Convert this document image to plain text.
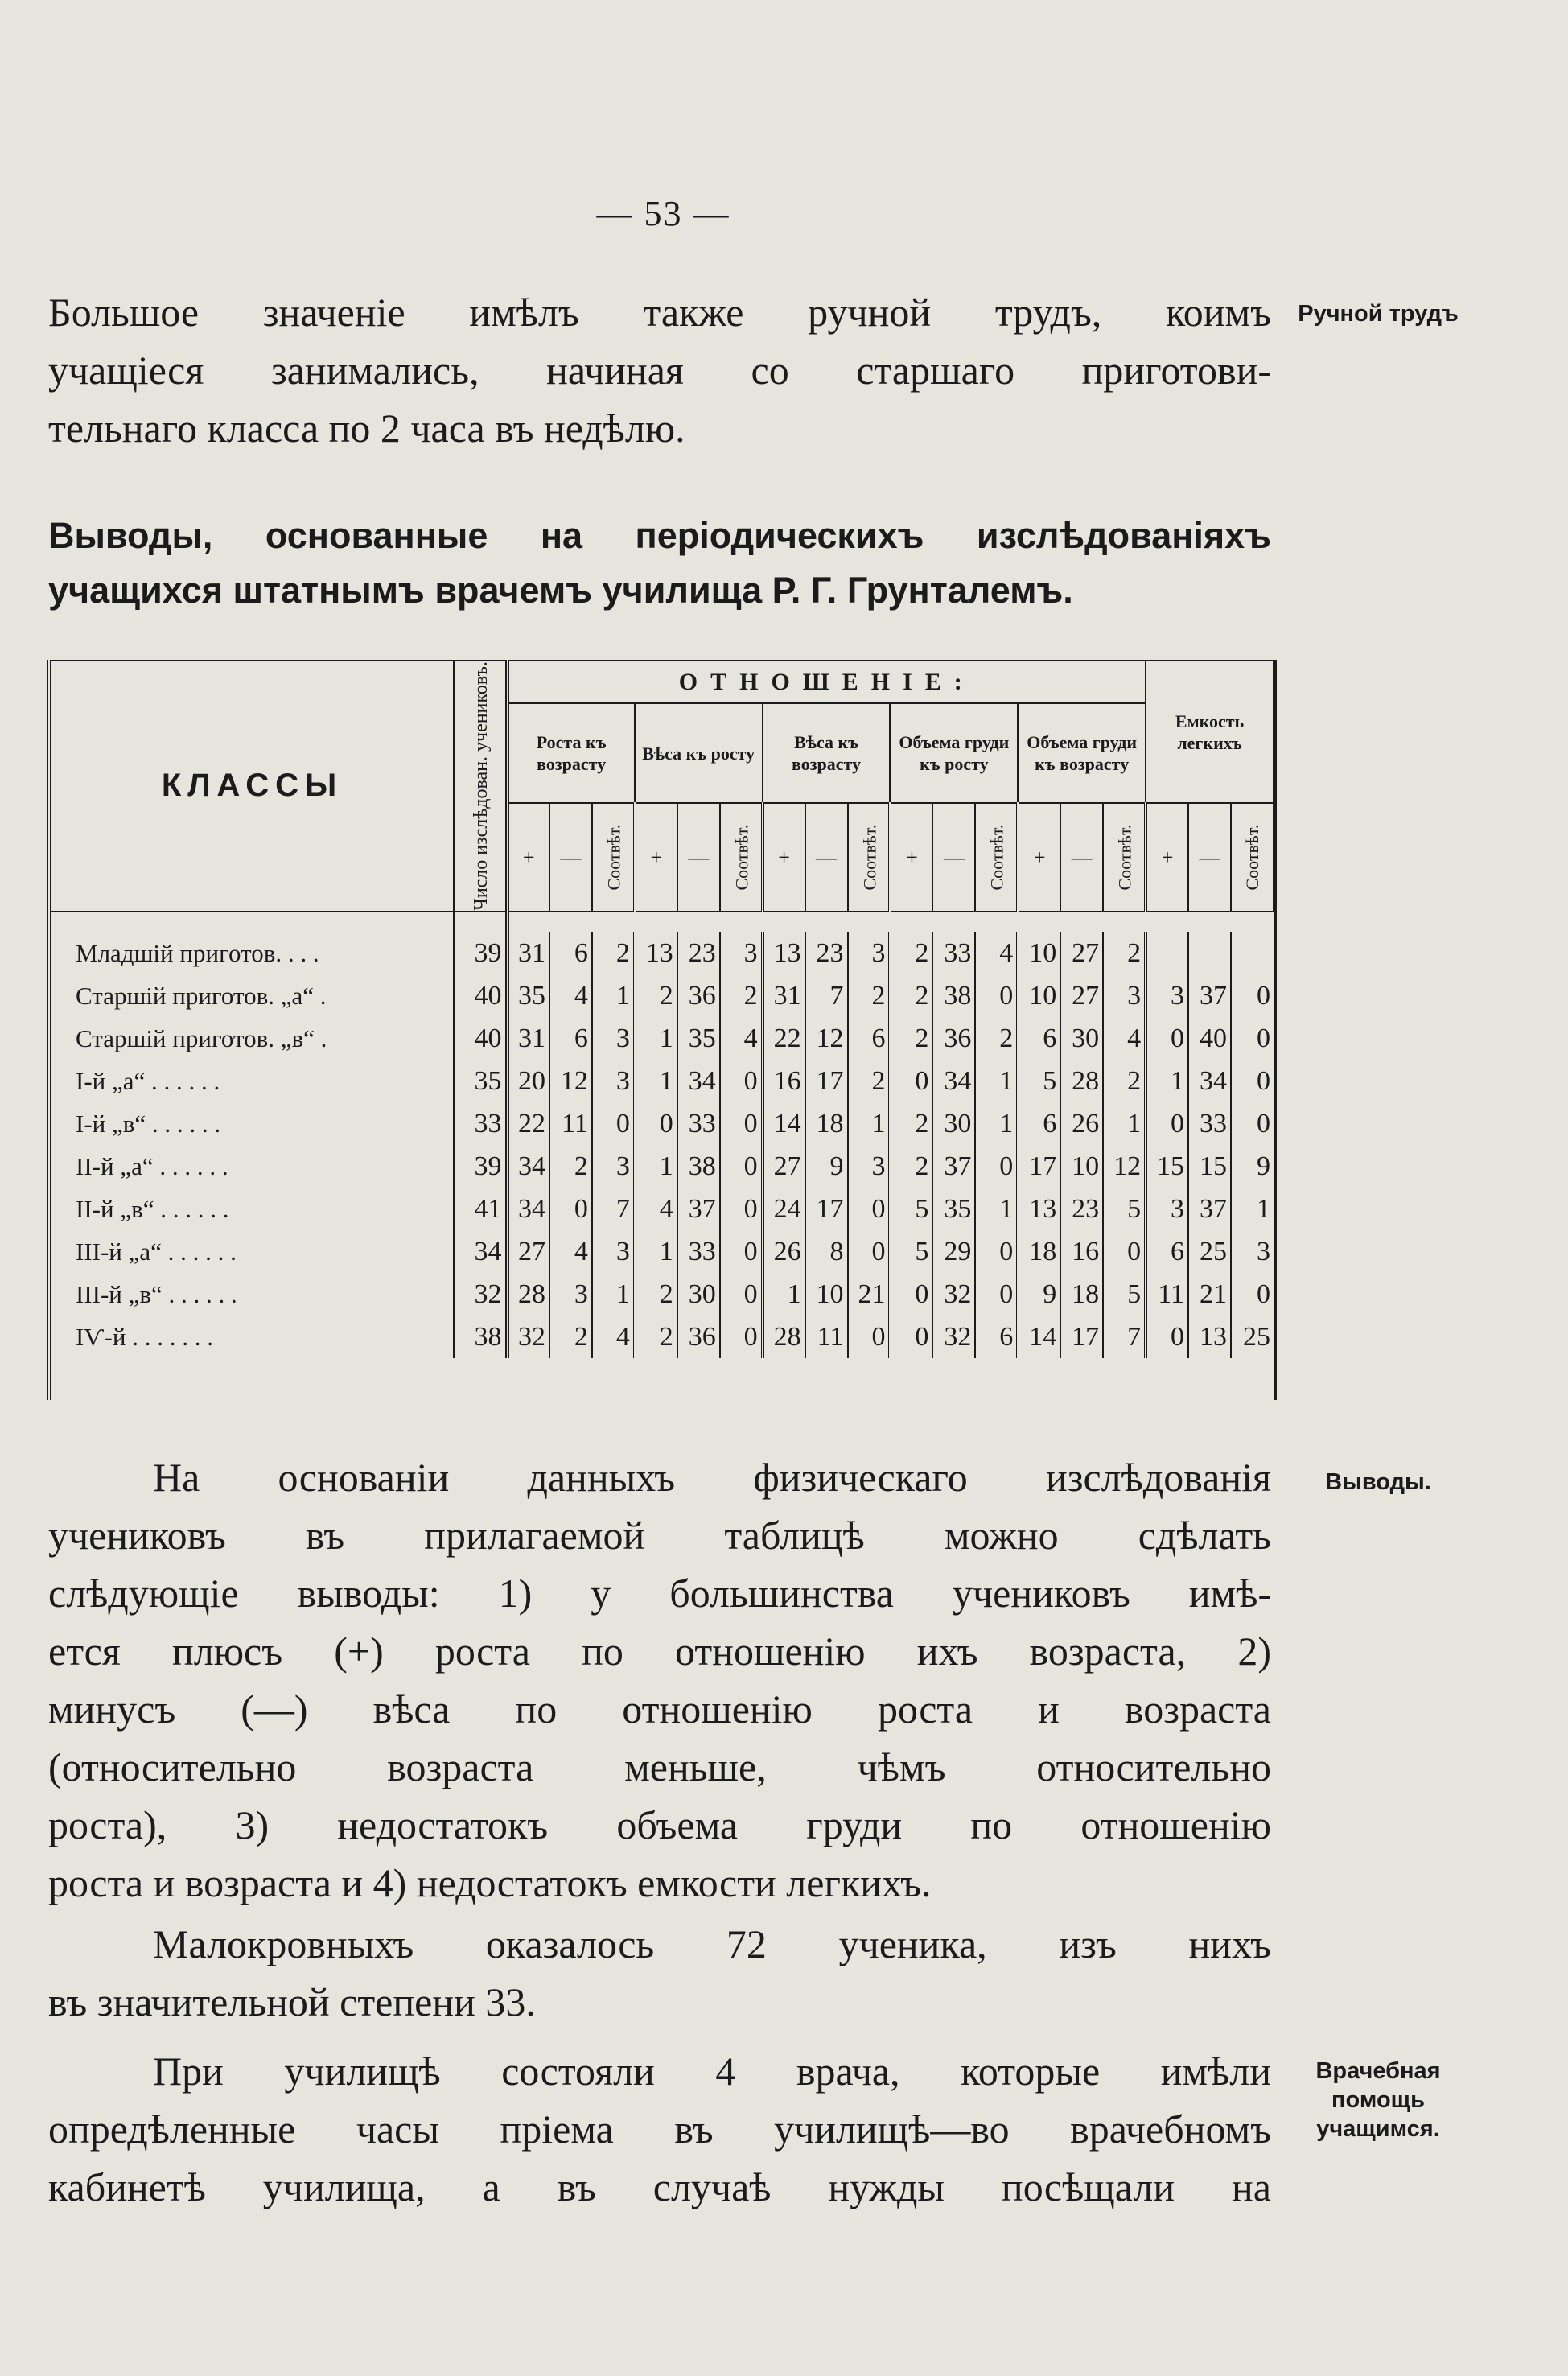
— 53 —
Большое значеніе имѣлъ также ручной трудъ, коимъ
учащіеся занимались, начиная со старшаго приготови-
тельнаго класса по 2 часа въ недѣлю.
Ручной трудъ
Выводы, основанные на періодическихъ изслѣдованіяхъ
учащихся штатнымъ врачемъ училища Р. Г. Грунталемъ.
КЛАССЫ	Число изслѣдован. учениковъ.	ОТНОШЕНІЕ:															Емкость легкихъ		
		Роста къ возрасту			Вѣса къ росту			Вѣса къ возрасту			Объема груди къ росту			Объема груди къ возрасту					
		+	—	Соотвѣт.	+	—	Соотвѣт.	+	—	Соотвѣт.	+	—	Соотвѣт.	+	—	Соотвѣт.	+	—	Соотвѣт.

Младшій приготов. . . .	39	31	6	2	13	23	3	13	23	3	2	33	4	10	27	2			
Старшій приготов. „а“ .	40	35	4	1	2	36	2	31	7	2	2	38	0	10	27	3	3	37	0
Старшій приготов. „в“ .	40	31	6	3	1	35	4	22	12	6	2	36	2	6	30	4	0	40	0
І-й „а“ . . . . . .	35	20	12	3	1	34	0	16	17	2	0	34	1	5	28	2	1	34	0
І-й „в“ . . . . . .	33	22	11	0	0	33	0	14	18	1	2	30	1	6	26	1	0	33	0
ІІ-й „а“ . . . . . .	39	34	2	3	1	38	0	27	9	3	2	37	0	17	10	12	15	15	9
ІІ-й „в“ . . . . . .	41	34	0	7	4	37	0	24	17	0	5	35	1	13	23	5	3	37	1
ІІІ-й „а“ . . . . . .	34	27	4	3	1	33	0	26	8	0	5	29	0	18	16	0	6	25	3
ІІІ-й „в“ . . . . . .	32	28	3	1	2	30	0	1	10	21	0	32	0	9	18	5	11	21	0
ІѴ-й . . . . . . .	38	32	2	4	2	36	0	28	11	0	0	32	6	14	17	7	0	13	25
На основаніи данныхъ физическаго изслѣдованія
учениковъ въ прилагаемой таблицѣ можно сдѣлать
слѣдующіе выводы: 1) у большинства учениковъ имѣ-
ется плюсъ (+) роста по отношенію ихъ возраста, 2)
минусъ (—) вѣса по отношенію роста и возраста
(относительно возраста меньше, чѣмъ относительно
роста), 3) недостатокъ объема груди по отношенію
роста и возраста и 4) недостатокъ емкости легкихъ.
Выводы.
Малокровныхъ оказалось 72 ученика, изъ нихъ
въ значительной степени 33.
При училищѣ состояли 4 врача, которые имѣли
опредѣленные часы пріема въ училищѣ—во врачебномъ
кабинетѣ училища, а въ случаѣ нужды посѣщали на
Врачебная
помощь
учащимся.
